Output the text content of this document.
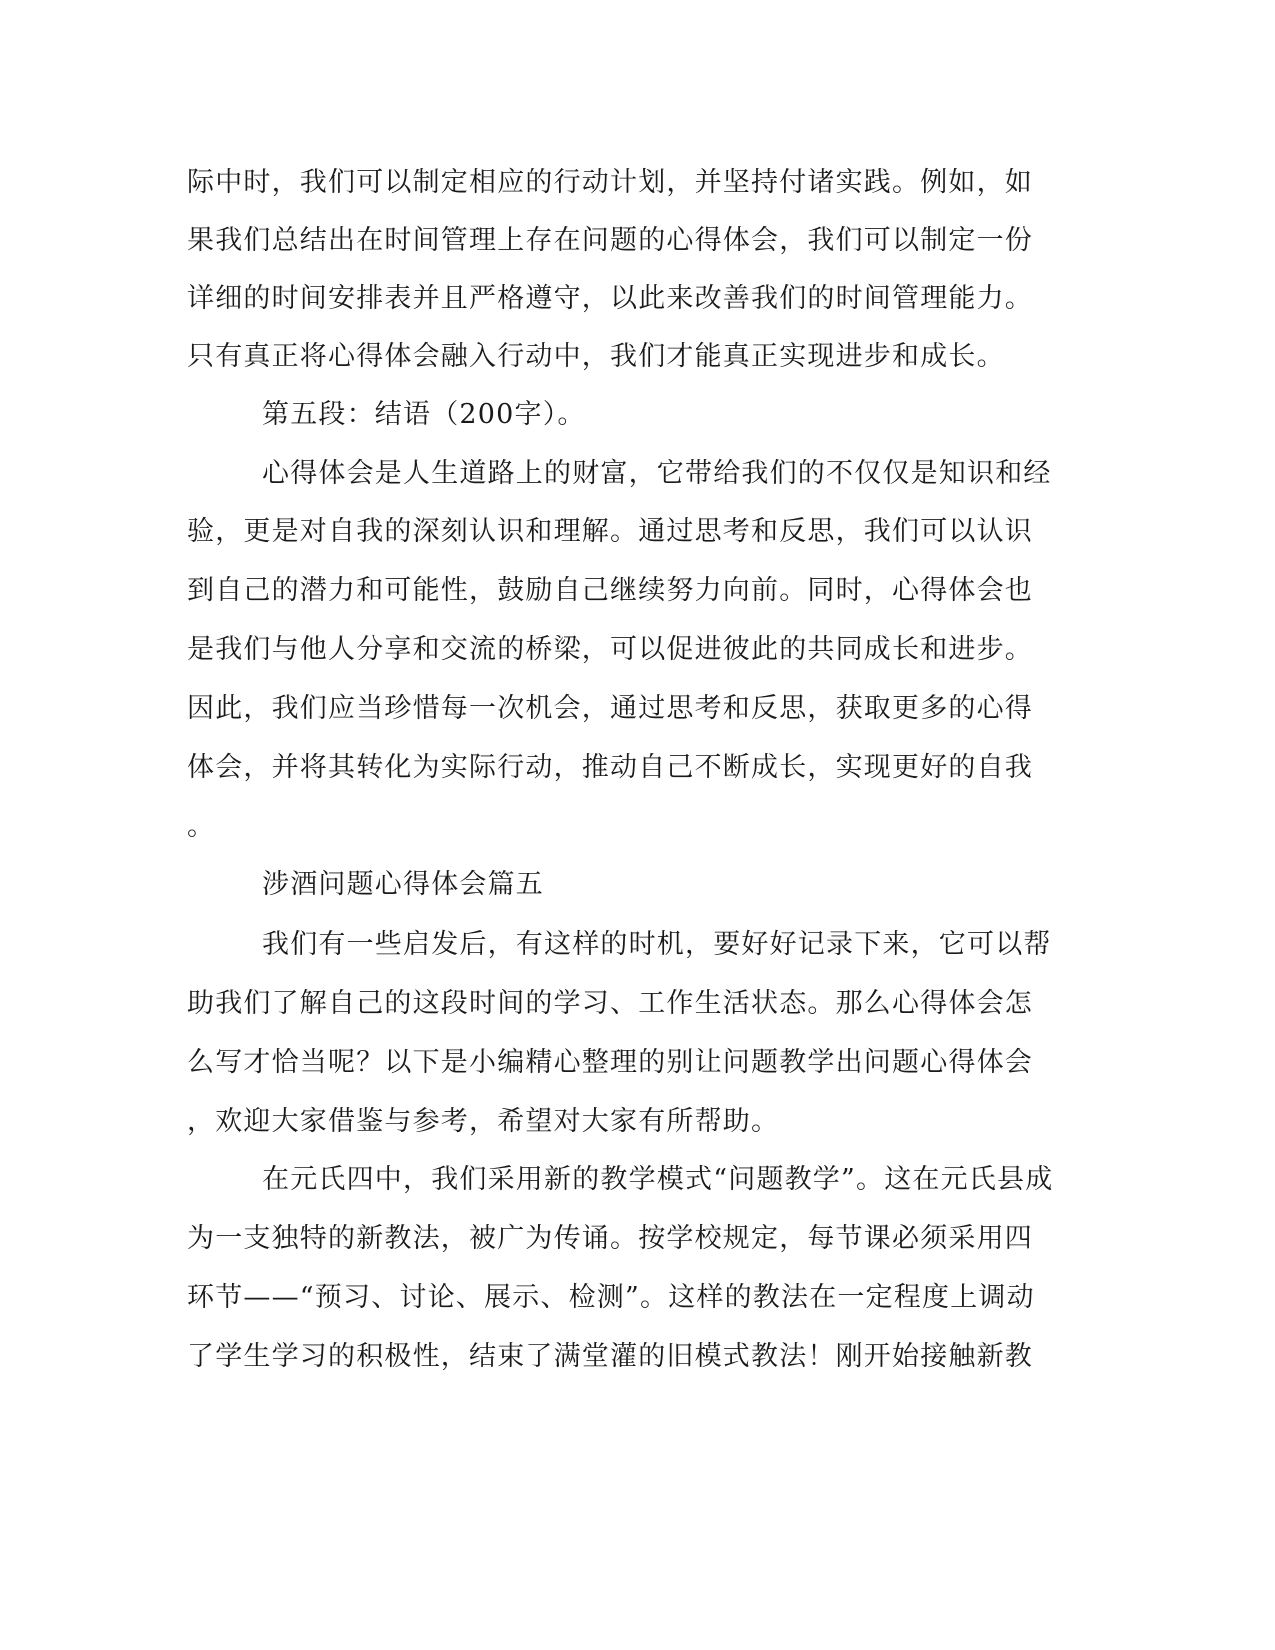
际中时，我们可以制定相应的行动计划，并坚持付诸实践。例如，如
果我们总结出在时间管理上存在问题的心得体会，我们可以制定一份
详细的时间安排表并且严格遵守，以此来改善我们的时间管理能力。
只有真正将心得体会融入行动中，我们才能真正实现进步和成长。
第五段：结语（200字）。
心得体会是人生道路上的财富，它带给我们的不仅仅是知识和经
验，更是对自我的深刻认识和理解。通过思考和反思，我们可以认识
到自己的潜力和可能性，鼓励自己继续努力向前。同时，心得体会也
是我们与他人分享和交流的桥梁，可以促进彼此的共同成长和进步。
因此，我们应当珍惜每一次机会，通过思考和反思，获取更多的心得
体会，并将其转化为实际行动，推动自己不断成长，实现更好的自我
。
涉酒问题心得体会篇五
我们有一些启发后，有这样的时机，要好好记录下来，它可以帮
助我们了解自己的这段时间的学习、工作生活状态。那么心得体会怎
么写才恰当呢？以下是小编精心整理的别让问题教学出问题心得体会
，欢迎大家借鉴与参考，希望对大家有所帮助。
在元氏四中，我们采用新的教学模式“问题教学”。这在元氏县成
为一支独特的新教法，被广为传诵。按学校规定，每节课必须采用四
环节——“预习、讨论、展示、检测”。这样的教法在一定程度上调动
了学生学习的积极性，结束了满堂灌的旧模式教法！刚开始接触新教
